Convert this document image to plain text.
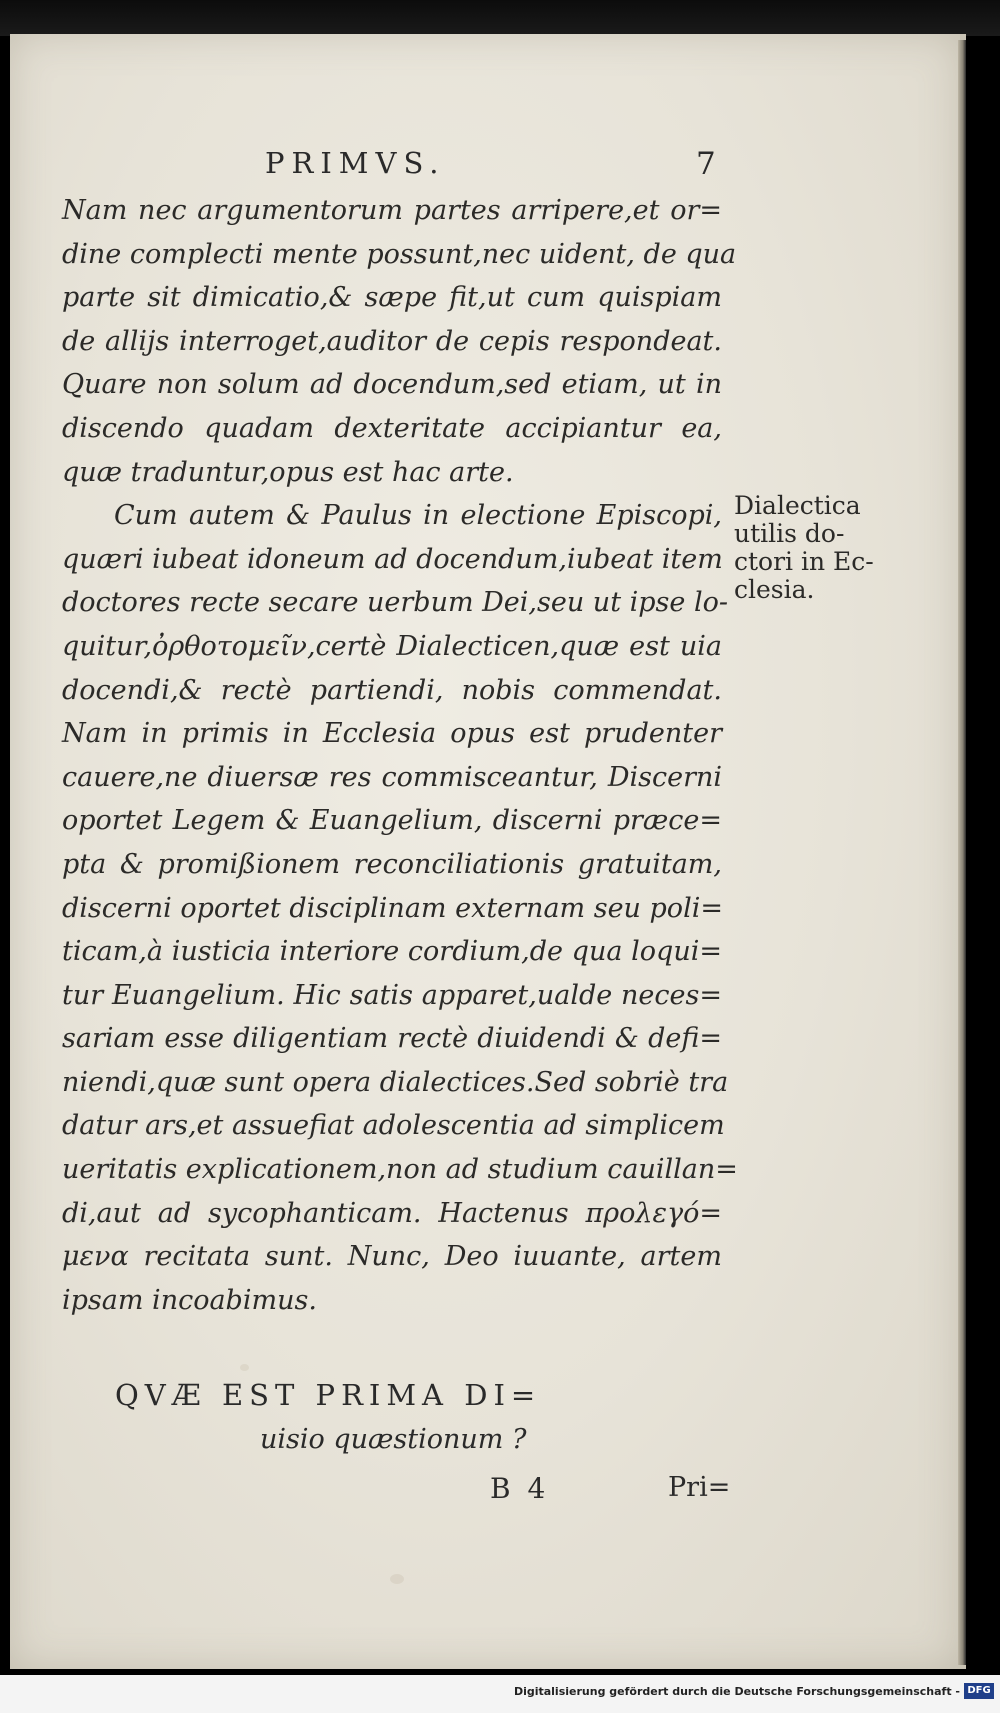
PRIMVS.	7
Nam nec argumentorum partes arripere,et or=
dine complecti mente possunt,nec uident, de qua
parte sit dimicatio,& sæpe fit,ut cum quispiam
de allijs interroget,auditor de cepis respondeat.
Quare non solum ad docendum,sed etiam, ut in
discendo quadam dexteritate accipiantur ea,
quæ traduntur,opus est hac arte.
Cum autem & Paulus in electione Episcopi,
quæri iubeat idoneum ad docendum,iubeat item
doctores recte secare uerbum Dei,seu ut ipse lo-
quitur,ὀρθοτομεῖν,certè Dialecticen,quæ est uia
docendi,& rectè partiendi, nobis commendat.
Nam in primis in Ecclesia opus est prudenter
cauere,ne diuersæ res commisceantur, Discerni
oportet Legem & Euangelium, discerni præce=
pta & promißionem reconciliationis gratuitam,
discerni oportet disciplinam externam seu poli=
ticam,à iusticia interiore cordium,de qua loqui=
tur Euangelium. Hic satis apparet,ualde neces=
sariam esse diligentiam rectè diuidendi & defi=
niendi,quæ sunt opera dialectices.Sed sobriè tra
datur ars,et assuefiat adolescentia ad simplicem
ueritatis explicationem,non ad studium cauillan=
di,aut ad sycophanticam. Hactenus προλεγό=
μενα recitata sunt. Nunc, Deo iuuante, artem
ipsam incoabimus.
Dialectica
utilis do-
ctori in Ec-
clesia.
QVÆ EST PRIMA DI=
uisio quæstionum ?
B 4	Pri=
Digitalisierung gefördert durch die Deutsche Forschungsgemeinschaft - DFG
